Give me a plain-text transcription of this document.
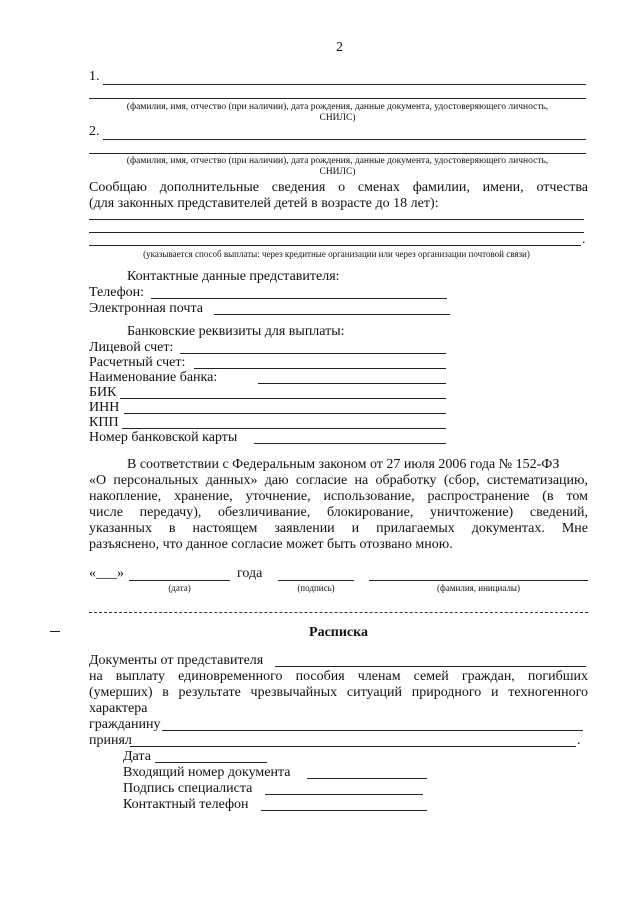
2
1.
(фамилия, имя, отчество (при наличии), дата рождения, данные документа, удостоверяющего личность,
СНИЛС)
2.
(фамилия, имя, отчество (при наличии), дата рождения, данные документа, удостоверяющего личность,
СНИЛС)
Сообщаю дополнительные сведения о сменах фамилии, имени, отчества
(для законных представителей детей в возрасте до 18 лет):
.
(указывается способ выплаты: через кредитные организации или через организации почтовой связи)
Контактные данные представителя:
Телефон:
Электронная почта
Банковские реквизиты для выплаты:
Лицевой счет:
Расчетный счет:
Наименование банка:
БИК
ИНН
КПП
Номер банковской карты
В соответствии с Федеральным законом от 27 июля 2006 года № 152-ФЗ
«О персональных данных» даю согласие на обработку (сбор, систематизацию,
накопление, хранение, уточнение, использование, распространение (в том
числе передачу), обезличивание, блокирование, уничтожение) сведений,
указанных в настоящем заявлении и прилагаемых документах. Мне
разъяснено, что данное согласие может быть отозвано мною.
«___»	года
(дата)	(подпись)	(фамилия, инициалы)
Расписка
Документы от представителя
на выплату единовременного пособия членам семей граждан, погибших
(умерших) в результате чрезвычайных ситуаций природного и техногенного
характера
гражданину
принял	.
Дата
Входящий номер документа
Подпись специалиста
Контактный телефон
